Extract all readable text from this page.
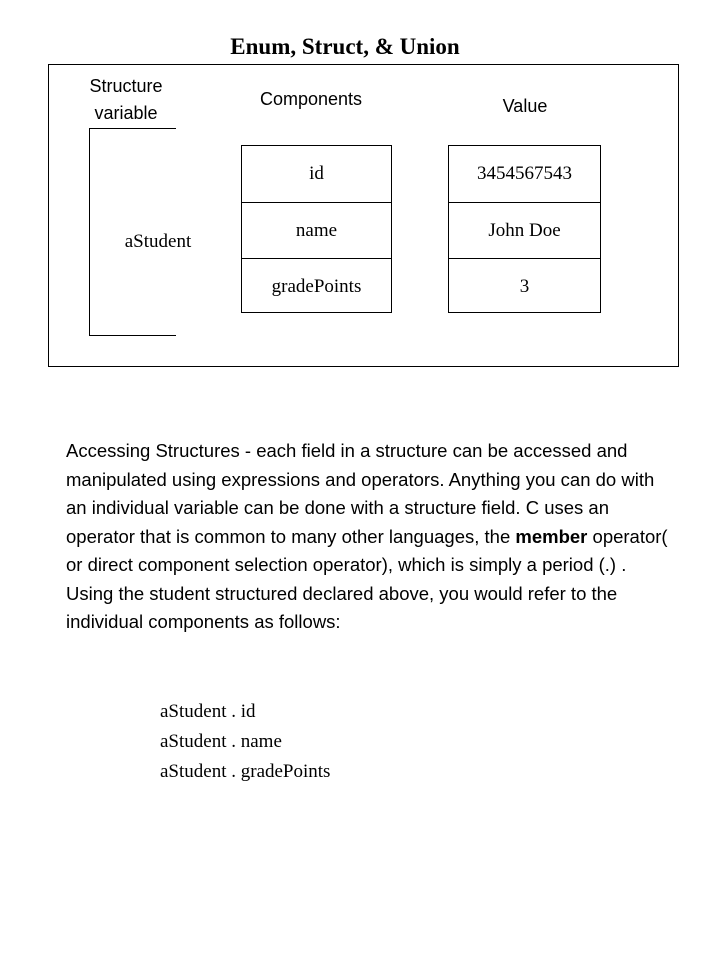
Enum, Struct, & Union
Structure
variable
Components	Value
aStudent
id
name
gradePoints
3454567543
John Doe
3

Accessing Structures - each field in a structure can be accessed and manipulated using expressions and operators. Anything you can do with an individual variable can be done with a structure field. C uses an operator that is common to many other languages, the member operator( or direct component selection operator), which is simply a period (.) . Using the student structured declared above, you would refer to the individual components as follows:

aStudent . id
aStudent . name
aStudent . gradePoints
